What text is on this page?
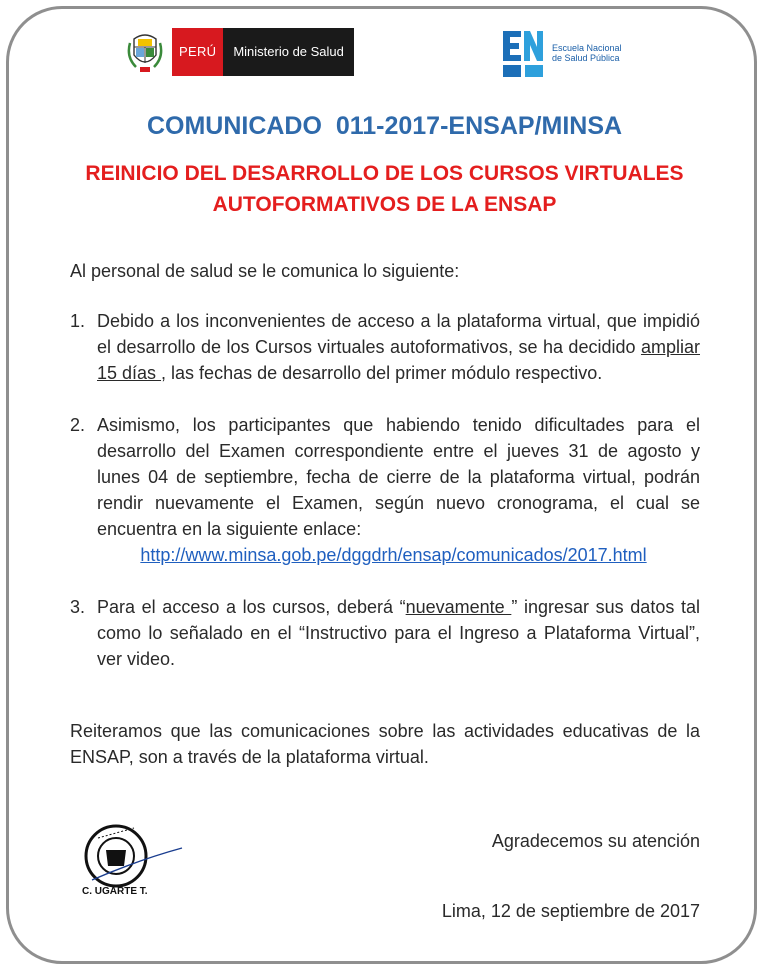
PERÚ	Ministerio de Salud	Escuela Nacional
de Salud Pública
COMUNICADO  011-2017-ENSAP/MINSA
REINICIO DEL DESARROLLO DE LOS CURSOS VIRTUALES
AUTOFORMATIVOS DE LA ENSAP
Al personal de salud se le comunica lo siguiente:
1. Debido a los inconvenientes de acceso a la plataforma virtual, que impidió el desarrollo de los Cursos virtuales autoformativos, se ha decidido ampliar 15 días , las fechas de desarrollo del primer módulo respectivo.
2. Asimismo, los participantes que habiendo tenido dificultades para el desarrollo del Examen correspondiente entre el jueves 31 de agosto y lunes 04 de septiembre, fecha de cierre de la plataforma virtual, podrán rendir nuevamente el Examen, según nuevo cronograma, el cual se encuentra en la siguiente enlace:
http://www.minsa.gob.pe/dggdrh/ensap/comunicados/2017.html
3. Para el acceso a los cursos, deberá “nuevamente ” ingresar sus datos tal como lo señalado en el “Instructivo para el Ingreso a Plataforma Virtual”, ver video.
Reiteramos que las comunicaciones sobre las actividades educativas de la ENSAP, son a través de la plataforma virtual.
C. UGARTE T.
Agradecemos su atención
Lima, 12 de septiembre de 2017
